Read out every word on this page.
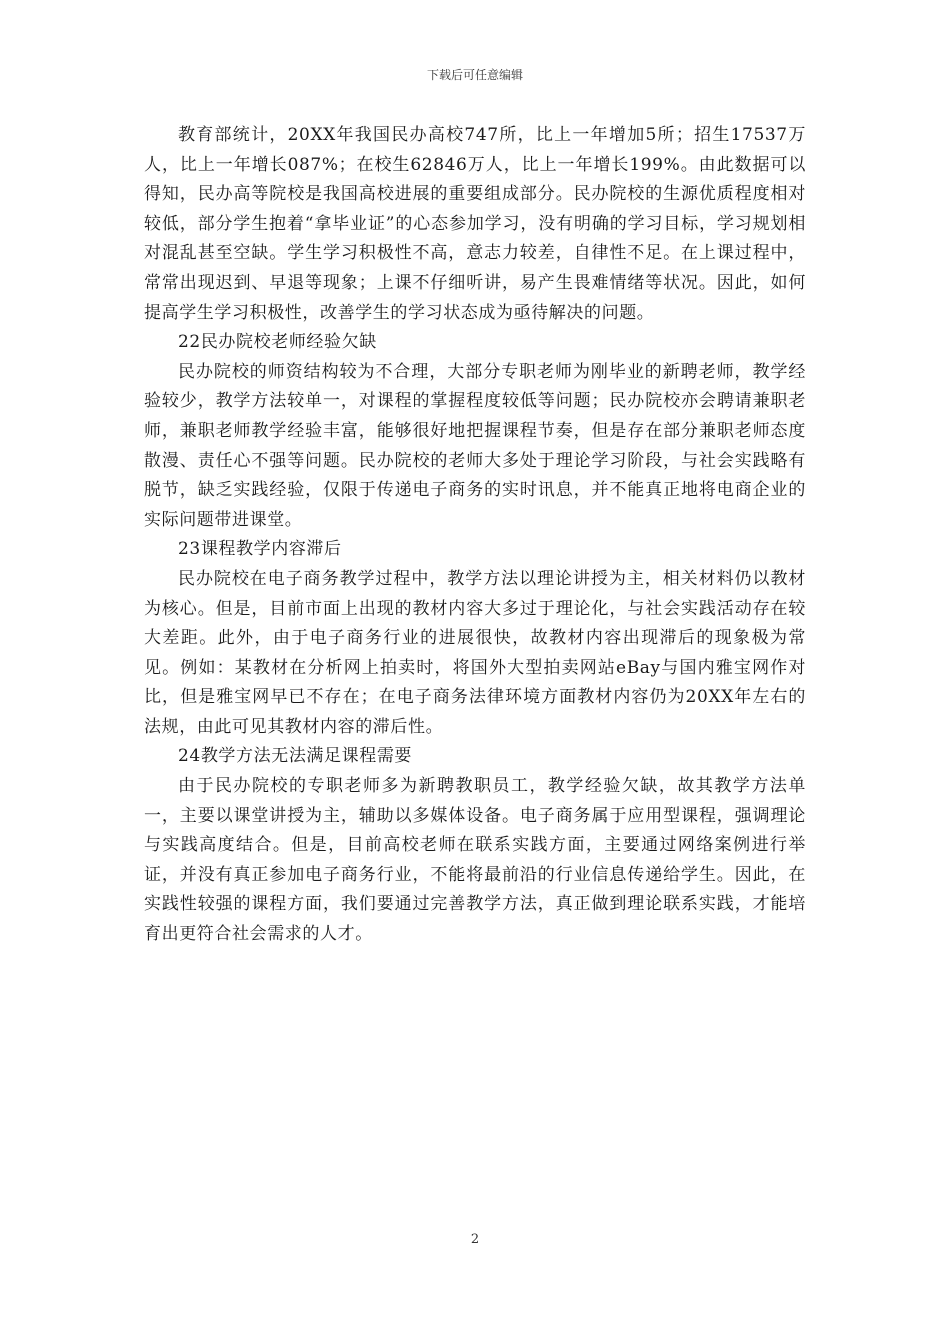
下载后可任意编辑

教育部统计，20XX年我国民办高校747所，比上一年增加5所；招生17537万人，比上一年增长087%；在校生62846万人，比上一年增长199%。由此数据可以得知，民办高等院校是我国高校进展的重要组成部分。民办院校的生源优质程度相对较低，部分学生抱着“拿毕业证”的心态参加学习，没有明确的学习目标，学习规划相对混乱甚至空缺。学生学习积极性不高，意志力较差，自律性不足。在上课过程中，常常出现迟到、早退等现象；上课不仔细听讲，易产生畏难情绪等状况。因此，如何提高学生学习积极性，改善学生的学习状态成为亟待解决的问题。

22民办院校老师经验欠缺

民办院校的师资结构较为不合理，大部分专职老师为刚毕业的新聘老师，教学经验较少，教学方法较单一，对课程的掌握程度较低等问题；民办院校亦会聘请兼职老师，兼职老师教学经验丰富，能够很好地把握课程节奏，但是存在部分兼职老师态度散漫、责任心不强等问题。民办院校的老师大多处于理论学习阶段，与社会实践略有脱节，缺乏实践经验，仅限于传递电子商务的实时讯息，并不能真正地将电商企业的实际问题带进课堂。

23课程教学内容滞后

民办院校在电子商务教学过程中，教学方法以理论讲授为主，相关材料仍以教材为核心。但是，目前市面上出现的教材内容大多过于理论化，与社会实践活动存在较大差距。此外，由于电子商务行业的进展很快，故教材内容出现滞后的现象极为常见。例如：某教材在分析网上拍卖时，将国外大型拍卖网站eBay与国内雅宝网作对比，但是雅宝网早已不存在；在电子商务法律环境方面教材内容仍为20XX年左右的法规，由此可见其教材内容的滞后性。

24教学方法无法满足课程需要

由于民办院校的专职老师多为新聘教职员工，教学经验欠缺，故其教学方法单一，主要以课堂讲授为主，辅助以多媒体设备。电子商务属于应用型课程，强调理论与实践高度结合。但是，目前高校老师在联系实践方面，主要通过网络案例进行举证，并没有真正参加电子商务行业，不能将最前沿的行业信息传递给学生。因此，在实践性较强的课程方面，我们要通过完善教学方法，真正做到理论联系实践，才能培育出更符合社会需求的人才。

2
